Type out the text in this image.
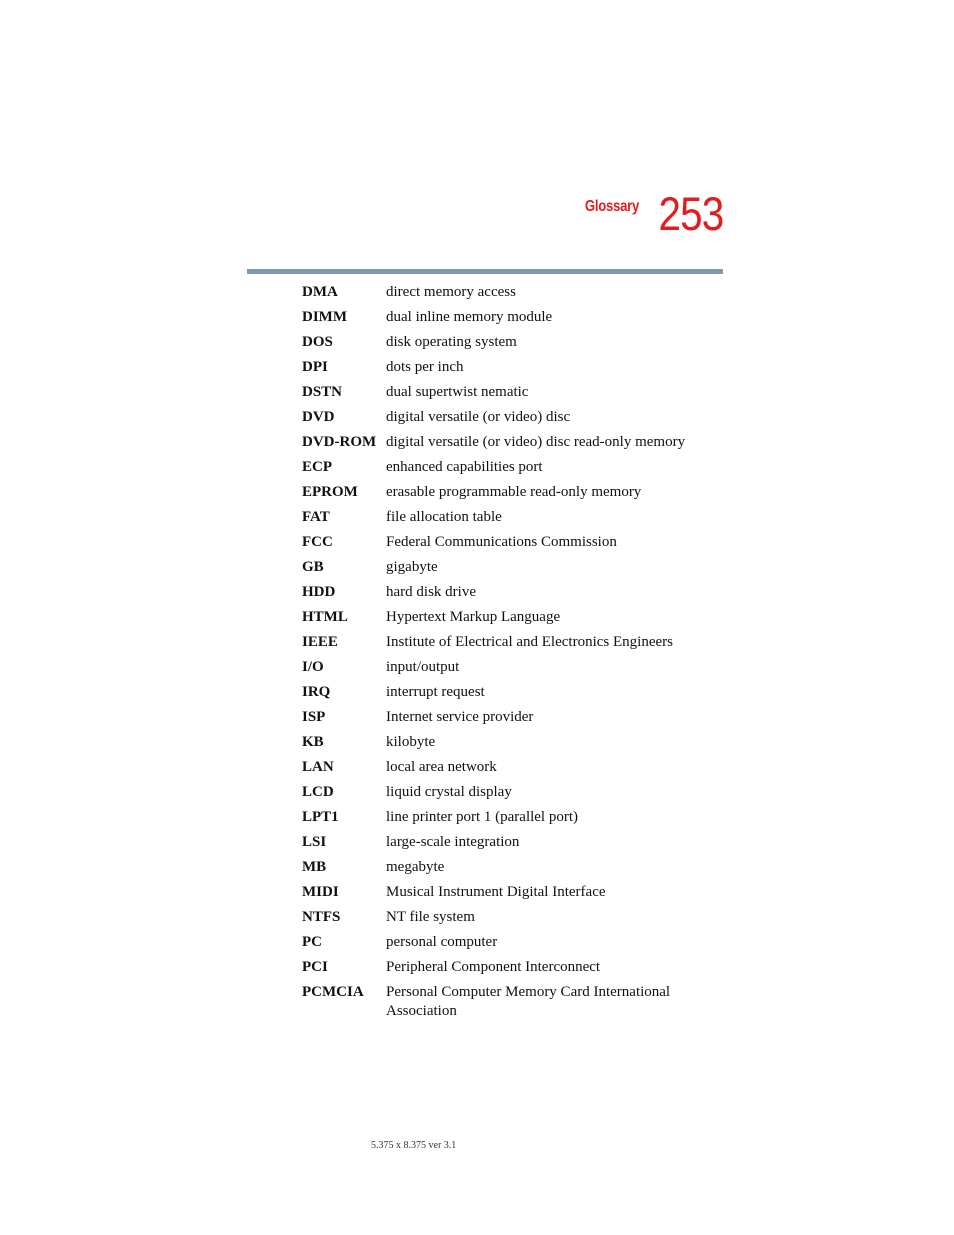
Glossary 253
DMA	direct memory access
DIMM	dual inline memory module
DOS	disk operating system
DPI	dots per inch
DSTN	dual supertwist nematic
DVD	digital versatile (or video) disc
DVD-ROM digital versatile (or video) disc read-only memory
ECP	enhanced capabilities port
EPROM	erasable programmable read-only memory
FAT	file allocation table
FCC	Federal Communications Commission
GB	gigabyte
HDD	hard disk drive
HTML	Hypertext Markup Language
IEEE	Institute of Electrical and Electronics Engineers
I/O	input/output
IRQ	interrupt request
ISP	Internet service provider
KB	kilobyte
LAN	local area network
LCD	liquid crystal display
LPT1	line printer port 1 (parallel port)
LSI	large-scale integration
MB	megabyte
MIDI	Musical Instrument Digital Interface
NTFS	NT file system
PC	personal computer
PCI	Peripheral Component Interconnect
PCMCIA	Personal Computer Memory Card International Association
5.375 x 8.375 ver 3.1
